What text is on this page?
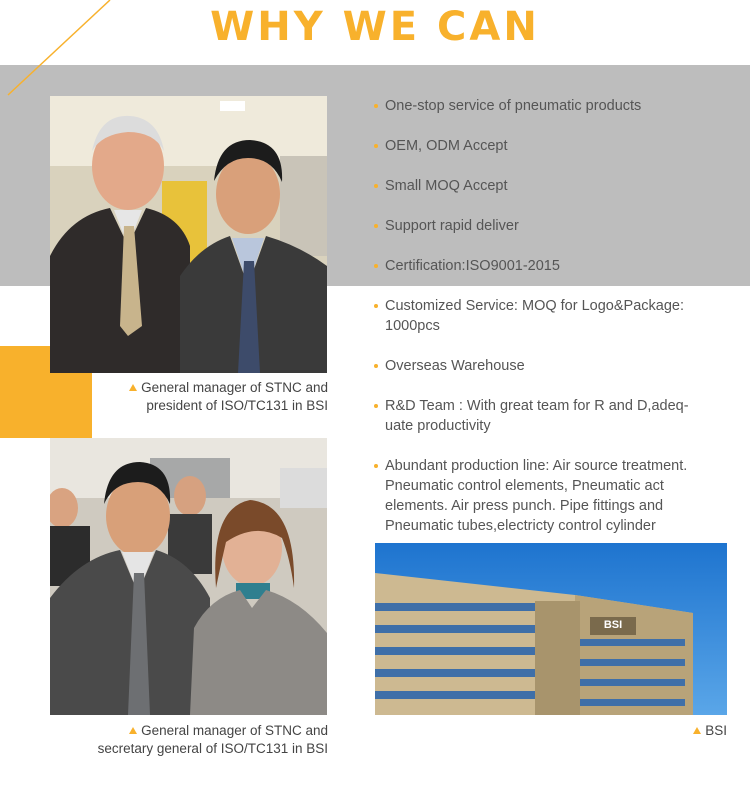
WHY WE CAN
General manager of STNC and
president of ISO/TC131 in BSI
General manager of STNC and
secretary general of ISO/TC131 in BSI
One-stop service of pneumatic products
OEM, ODM Accept
Small MOQ Accept
Support rapid deliver
Certification:ISO9001-2015
Customized Service: MOQ for Logo&Package:
1000pcs
Overseas Warehouse
R&D Team : With great team for R and D,adeq-
uate productivity
Abundant production line: Air source treatment.
Pneumatic control elements, Pneumatic act
elements. Air press punch. Pipe fittings and
Pneumatic tubes,electricty control cylinder
BSI
BSI
